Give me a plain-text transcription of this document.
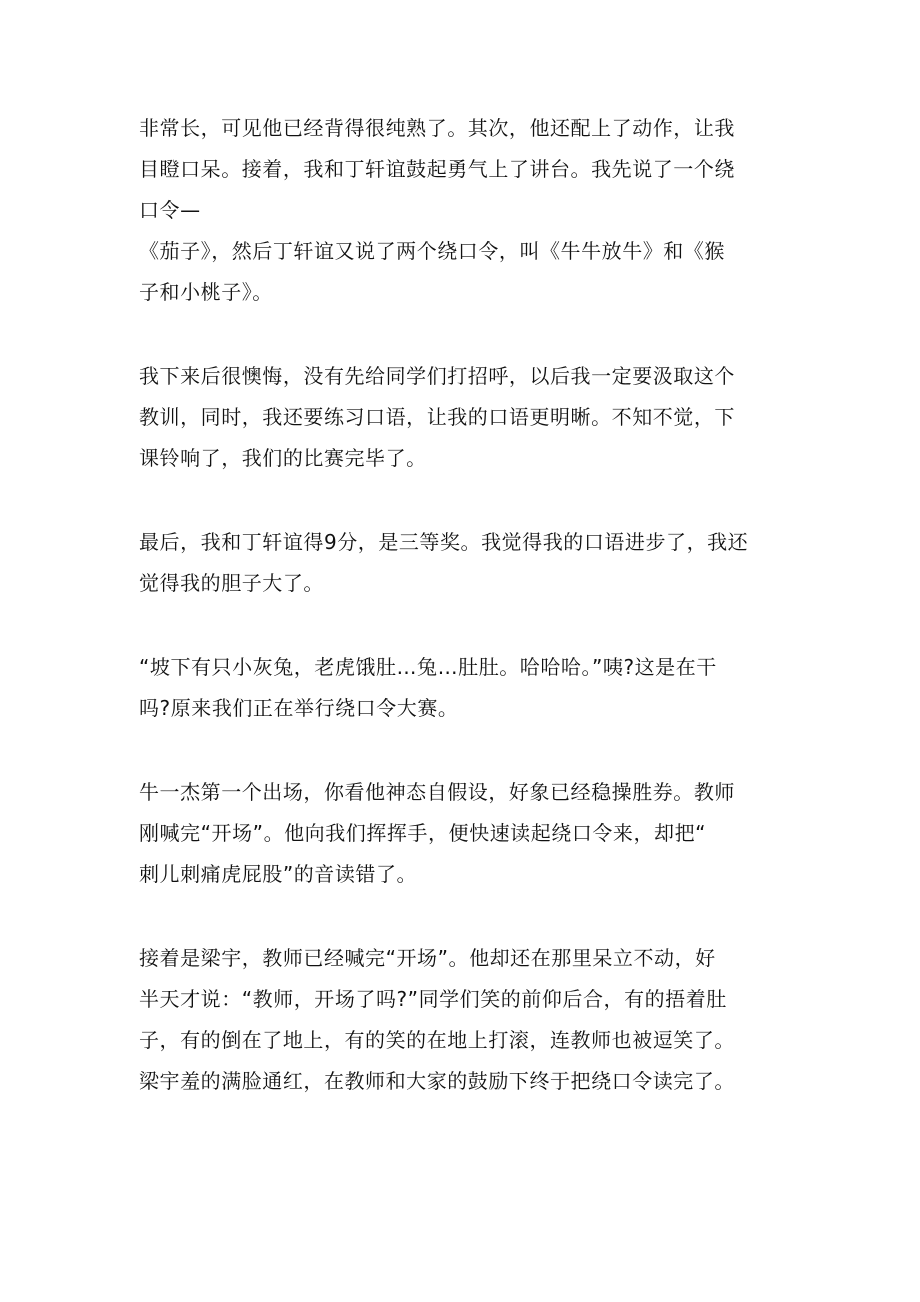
非常长，可见他已经背得很纯熟了。其次，他还配上了动作，让我
目瞪口呆。接着，我和丁轩谊鼓起勇气上了讲台。我先说了一个绕
口令—
《茄子》，然后丁轩谊又说了两个绕口令，叫《牛牛放牛》和《猴
子和小桃子》。
我下来后很懊悔，没有先给同学们打招呼，以后我一定要汲取这个
教训，同时，我还要练习口语，让我的口语更明晰。不知不觉，下
课铃响了，我们的比赛完毕了。
最后，我和丁轩谊得9分，是三等奖。我觉得我的口语进步了，我还
觉得我的胆子大了。
“坡下有只小灰兔，老虎饿肚…兔…肚肚。哈哈哈。”咦?这是在干
吗?原来我们正在举行绕口令大赛。
牛一杰第一个出场，你看他神态自假设，好象已经稳操胜券。教师
刚喊完“开场”。他向我们挥挥手，便快速读起绕口令来，却把“
刺儿刺痛虎屁股”的音读错了。
接着是梁宇，教师已经喊完“开场”。他却还在那里呆立不动，好
半天才说：“教师，开场了吗?”同学们笑的前仰后合，有的捂着肚
子，有的倒在了地上，有的笑的在地上打滚，连教师也被逗笑了。
梁宇羞的满脸通红，在教师和大家的鼓励下终于把绕口令读完了。
